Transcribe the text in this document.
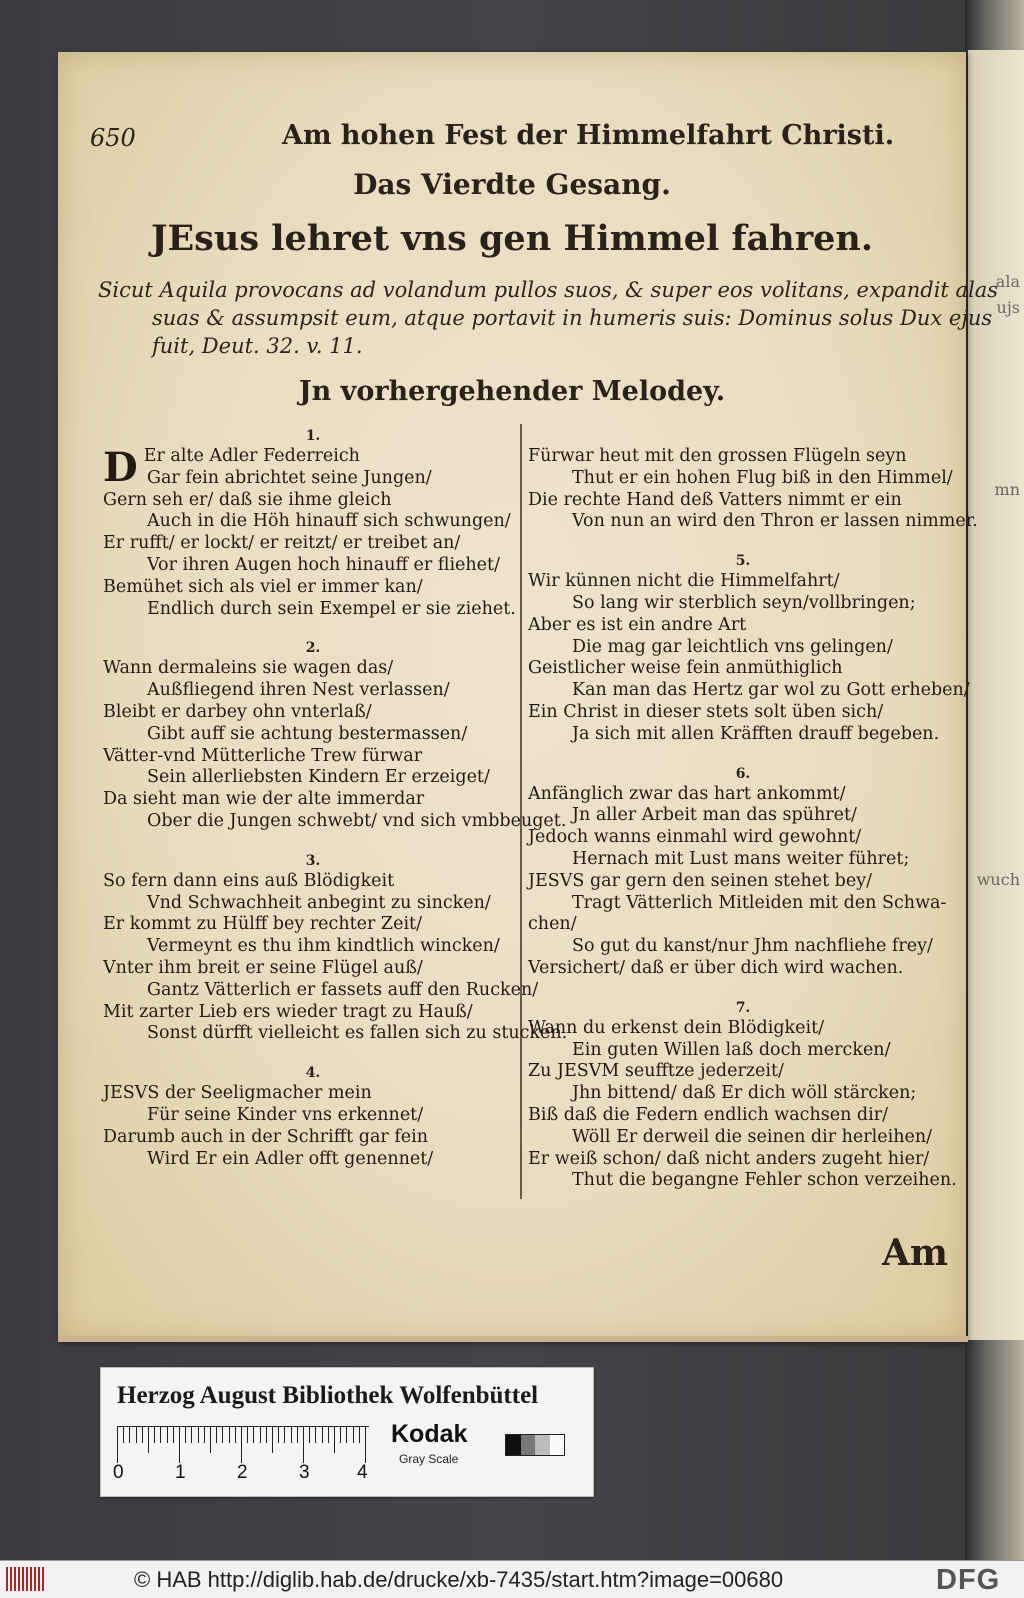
ala
ujs
mn
wuch
650	Am hohen Fest der Himmelfahrt Christi.
Das Vierdte Gesang.
JEsus lehret vns gen Himmel fahren.
Sicut Aquila provocans ad volandum pullos suos, & super eos volitans, expandit alas
suas & assumpsit eum, atque portavit in humeris suis: Dominus solus Dux ejus
fuit, Deut. 32. v. 11.
Jn vorhergehender Melodey.
1.
D Er alte Adler Federreich
Gar fein abrichtet seine Jungen/
Gern seh er/ daß sie ihme gleich
Auch in die Höh hinauff sich schwungen/
Er rufft/ er lockt/ er reitzt/ er treibet an/
Vor ihren Augen hoch hinauff er fliehet/
Bemühet sich als viel er immer kan/
Endlich durch sein Exempel er sie ziehet.
2.
Wann dermaleins sie wagen das/
Außfliegend ihren Nest verlassen/
Bleibt er darbey ohn vnterlaß/
Gibt auff sie achtung bestermassen/
Vätter-vnd Mütterliche Trew fürwar
Sein allerliebsten Kindern Er erzeiget/
Da sieht man wie der alte immerdar
Ober die Jungen schwebt/ vnd sich vmbbeuget.
3.
So fern dann eins auß Blödigkeit
Vnd Schwachheit anbegint zu sincken/
Er kommt zu Hülff bey rechter Zeit/
Vermeynt es thu ihm kindtlich wincken/
Vnter ihm breit er seine Flügel auß/
Gantz Vätterlich er fassets auff den Rucken/
Mit zarter Lieb ers wieder tragt zu Hauß/
Sonst dürfft vielleicht es fallen sich zu stucken.
4.
JESVS der Seeligmacher mein
Für seine Kinder vns erkennet/
Darumb auch in der Schrifft gar fein
Wird Er ein Adler offt genennet/
Fürwar heut mit den grossen Flügeln seyn
Thut er ein hohen Flug biß in den Himmel/
Die rechte Hand deß Vatters nimmt er ein
Von nun an wird den Thron er lassen nimmer.
5.
Wir künnen nicht die Himmelfahrt/
So lang wir sterblich seyn/vollbringen;
Aber es ist ein andre Art
Die mag gar leichtlich vns gelingen/
Geistlicher weise fein anmüthiglich
Kan man das Hertz gar wol zu Gott erheben/
Ein Christ in dieser stets solt üben sich/
Ja sich mit allen Kräfften drauff begeben.
6.
Anfänglich zwar das hart ankommt/
Jn aller Arbeit man das spühret/
Jedoch wanns einmahl wird gewohnt/
Hernach mit Lust mans weiter führet;
JESVS gar gern den seinen stehet bey/
Tragt Vätterlich Mitleiden mit den Schwa-
chen/
So gut du kanst/nur Jhm nachfliehe frey/
Versichert/ daß er über dich wird wachen.
7.
Wann du erkenst dein Blödigkeit/
Ein guten Willen laß doch mercken/
Zu JESVM seufftze jederzeit/
Jhn bittend/ daß Er dich wöll stärcken;
Biß daß die Federn endlich wachsen dir/
Wöll Er derweil die seinen dir herleihen/
Er weiß schon/ daß nicht anders zugeht hier/
Thut die begangne Fehler schon verzeihen.
Am
Herzog August Bibliothek Wolfenbüttel
0	1	2	3 4
Kodak
Gray Scale
© HAB http://diglib.hab.de/drucke/xb-7435/start.htm?image=00680	DFG
